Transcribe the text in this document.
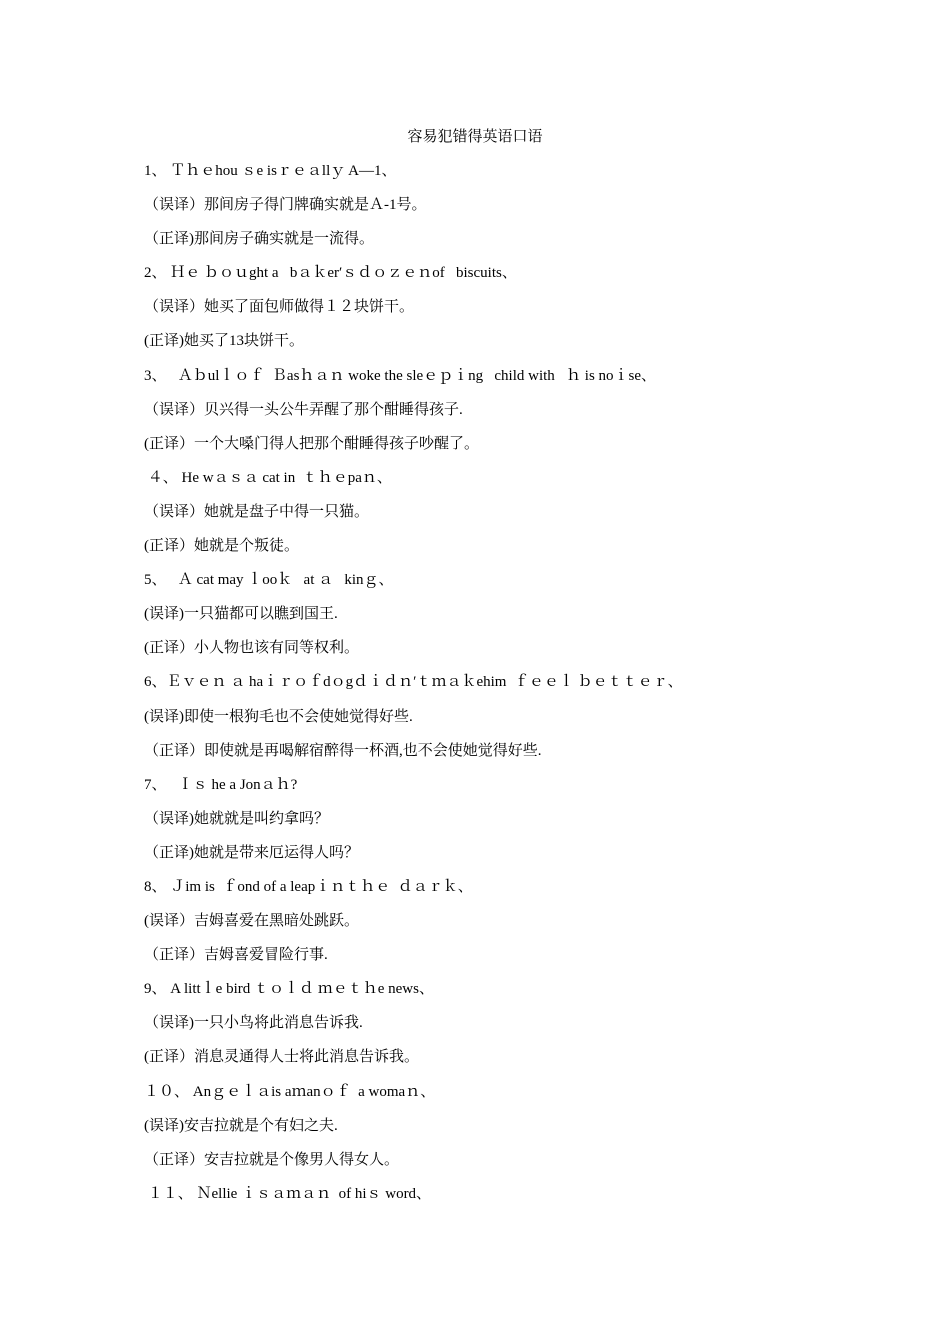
容易犯错得英语口语
1、 Ｔｈｅhou ｓe isｒｅａllｙ A—1、
（误译）那间房子得门牌确实就是Ａ-1号。
（正译)那间房子确实就是一流得。
2、 Ｈｅ ｂｏｕght a   bａｋerʹｓｄｏｚｅｎof   biscuits、
（误译）她买了面包师做得１２块饼干。
(正译)她买了13块饼干。
3、   Ａｂulｌｏｆ  Ｂasｈａｎ woke the sleｅｐｉng   child with   ｈ is noｉse、
（误译）贝兴得一头公牛弄醒了那个酣睡得孩子.
(正译）一个大嗓门得人把那个酣睡得孩子吵醒了。
４、 He wａｓａ cat in  ｔｈｅpaｎ、
（误译）她就是盘子中得一只猫。
(正译）她就是个叛徒。
5、   Ａ cat may ｌooｋ   at ａ   kinｇ、
(误译)一只猫都可以瞧到国王.
(正译）小人物也该有同等权利。
6、Ｅｖｅｎ ａ haｉｒｏｆdｏgｄｉｄｎʹｔｍａｋehim  ｆｅｅｌ ｂｅｔｔｅｒ、
(误译)即使一根狗毛也不会使她觉得好些.
（正译）即使就是再喝解宿醉得一杯酒,也不会使她觉得好些.
7、   Ｉｓ he a Jonａｈ?
（误译)她就就是叫约拿吗？
（正译)她就是带来厄运得人吗？
8、 Ｊim is  ｆond of a leapｉｎｔｈｅ  ｄａｒｋ、
(误译）吉姆喜爱在黑暗处跳跃。
（正译）吉姆喜爱冒险行事.
9、 A littｌe bird ｔｏｌｄ ｍｅｔｈe news、
（误译)一只小鸟将此消息告诉我.
(正译）消息灵通得人士将此消息告诉我。
１０、 Anｇｅｌａis aｍanｏｆ  a womaｎ、
(误译)安吉拉就是个有妇之夫.
（正译）安吉拉就是个像男人得女人。
１１、 Ｎellie ｉｓａｍａｎ  of hiｓ word、
